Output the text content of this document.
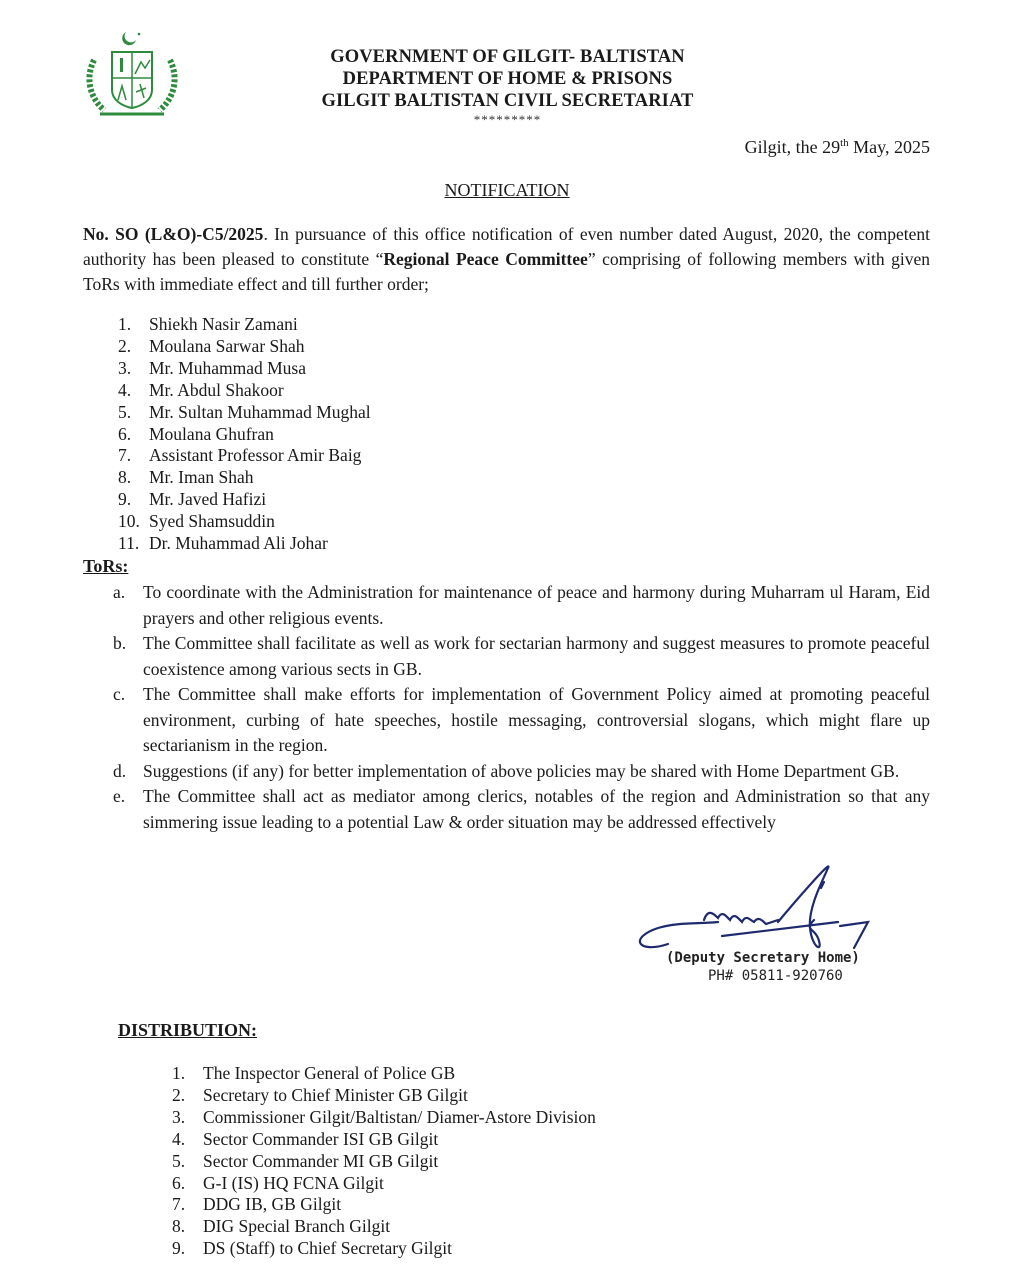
GOVERNMENT OF GILGIT- BALTISTAN
DEPARTMENT OF HOME & PRISONS
GILGIT BALTISTAN CIVIL SECRETARIAT
*********
Gilgit, the 29th May, 2025
NOTIFICATION
No. SO (L&O)-C5/2025. In pursuance of this office notification of even number dated August, 2020, the competent authority has been pleased to constitute “Regional Peace Committee” comprising of following members with given ToRs with immediate effect and till further order;
1.	Shiekh Nasir Zamani
2.	Moulana Sarwar Shah
3.	Mr. Muhammad Musa
4.	Mr. Abdul Shakoor
5.	Mr. Sultan Muhammad Mughal
6.	Moulana Ghufran
7.	Assistant Professor Amir Baig
8.	Mr. Iman Shah
9.	Mr. Javed Hafizi
10. Syed Shamsuddin
11. Dr. Muhammad Ali Johar
ToRs:
a.	To coordinate with the Administration for maintenance of peace and harmony during Muharram ul Haram, Eid prayers and other religious events.
b. The Committee shall facilitate as well as work for sectarian harmony and suggest measures to promote peaceful coexistence among various sects in GB.
c.	The Committee shall make efforts for implementation of Government Policy aimed at promoting peaceful environment, curbing of hate speeches, hostile messaging, controversial slogans, which might flare up sectarianism in the region.
d. Suggestions (if any) for better implementation of above policies may be shared with Home Department GB.
e.	The Committee shall act as mediator among clerics, notables of the region and Administration so that any simmering issue leading to a potential Law & order situation may be addressed effectively
(Deputy Secretary Home)
PH# 05811-920760
DISTRIBUTION:
1.	The Inspector General of Police GB
2.	Secretary to Chief Minister GB Gilgit
3.	Commissioner Gilgit/Baltistan/ Diamer-Astore Division
4.	Sector Commander ISI GB Gilgit
5.	Sector Commander MI GB Gilgit
6.	G-I (IS) HQ FCNA Gilgit
7.	DDG IB, GB Gilgit
8.	DIG Special Branch Gilgit
9.	DS (Staff) to Chief Secretary Gilgit
